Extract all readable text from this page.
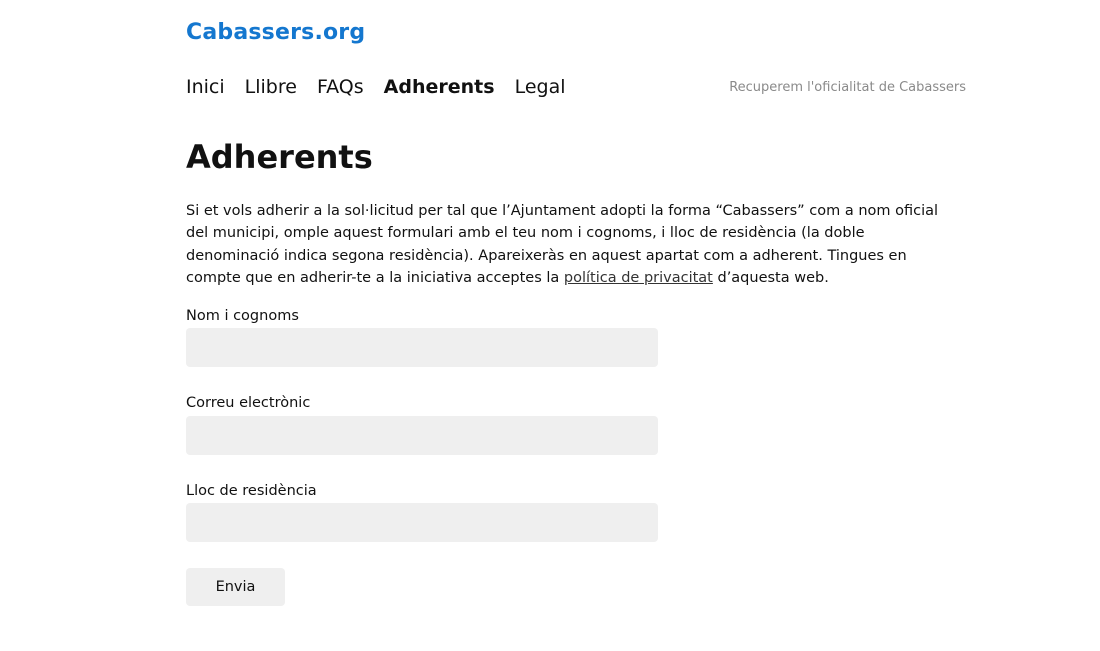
Cabassers.org
Inici Llibre FAQs Adherents Legal	Recuperem l'oficialitat de Cabassers
Adherents

Si et vols adherir a la sol·licitud per tal que l’Ajuntament adopti la forma “Cabassers” com a nom oficial del municipi, omple aquest formulari amb el teu nom i cognoms, i lloc de residència (la doble denominació indica segona residència). Apareixeràs en aquest apartat com a adherent. Tingues en compte que en adherir-te a la iniciativa acceptes la política de privacitat d’aquesta web.

Nom i cognoms
Correu electrònic
Lloc de residència
Envia
